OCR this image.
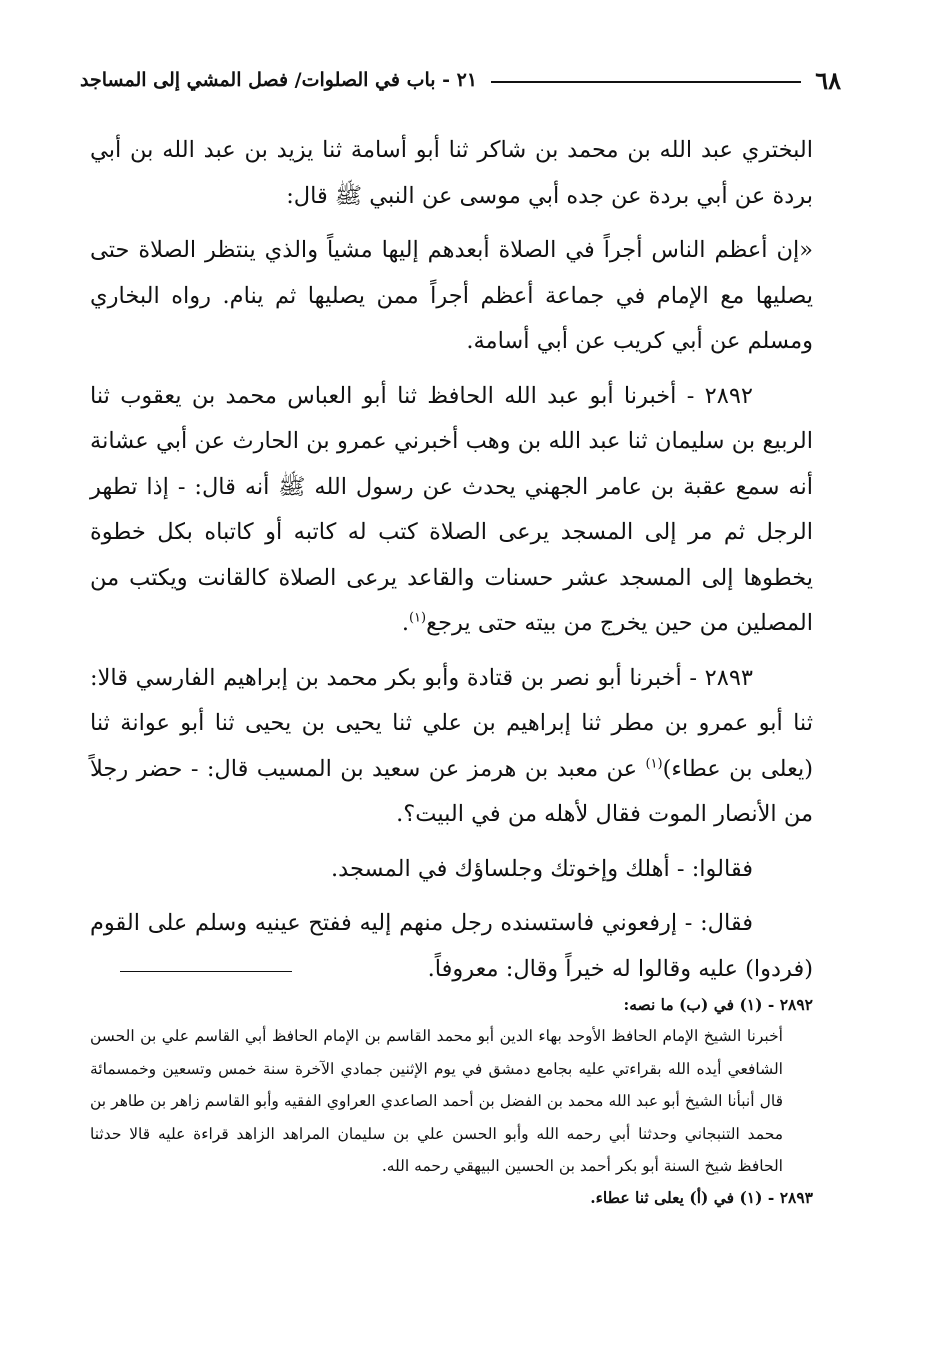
٦٨
٢١ - باب في الصلوات/ فصل المشي إلى المساجد

البختري عبد الله بن محمد بن شاكر ثنا أبو أسامة ثنا يزيد بن عبد الله بن أبي بردة عن أبي بردة عن جده أبي موسى عن النبي ﷺ قال:

«إن أعظم الناس أجراً في الصلاة أبعدهم إليها مشياً والذي ينتظر الصلاة حتى يصليها مع الإمام في جماعة أعظم أجراً ممن يصليها ثم ينام. رواه البخاري ومسلم عن أبي كريب عن أبي أسامة.

٢٨٩٢ - أخبرنا أبو عبد الله الحافظ ثنا أبو العباس محمد بن يعقوب ثنا الربيع بن سليمان ثنا عبد الله بن وهب أخبرني عمرو بن الحارث عن أبي عشانة أنه سمع عقبة بن عامر الجهني يحدث عن رسول الله ﷺ أنه قال: - إذا تطهر الرجل ثم مر إلى المسجد يرعى الصلاة كتب له كاتبه أو كاتباه بكل خطوة يخطوها إلى المسجد عشر حسنات والقاعد يرعى الصلاة كالقانت ويكتب من المصلين من حين يخرج من بيته حتى يرجع$^{(١)}$.

٢٨٩٣ - أخبرنا أبو نصر بن قتادة وأبو بكر محمد بن إبراهيم الفارسي قالا: ثنا أبو عمرو بن مطر ثنا إبراهيم بن علي ثنا يحيى بن يحيى ثنا أبو عوانة ثنا (يعلى بن عطاء)$^{(١)}$ عن معبد بن هرمز عن سعيد بن المسيب قال: - حضر رجلاً من الأنصار الموت فقال لأهله من في البيت؟.

فقالوا: - أهلك وإخوتك وجلساؤك في المسجد.

فقال: - إرفعوني فاستسنده رجل منهم إليه ففتح عينيه وسلم على القوم (فردوا) عليه وقالوا له خيراً وقال: معروفاً.

٢٨٩٢ - (١) في (ب) ما نصه:

أخبرنا الشيخ الإمام الحافظ الأوحد بهاء الدين أبو محمد القاسم بن الإمام الحافظ أبي القاسم علي بن الحسن الشافعي أيده الله بقراءتي عليه بجامع دمشق في يوم الإثنين جمادي الآخرة سنة خمس وتسعين وخمسمائة قال أنبأنا الشيخ أبو عبد الله محمد بن الفضل بن أحمد الصاعدي العراوي الفقيه وأبو القاسم زاهر بن طاهر بن محمد التنبجاني وحدثنا أبي رحمه الله وأبو الحسن علي بن سليمان المراهد الزاهد قراءة عليه قالا حدثنا الحافظ شيخ السنة أبو بكر أحمد بن الحسين البيهقي رحمه الله.

٢٨٩٣ - (١) في (أ) يعلى ثنا عطاء.
